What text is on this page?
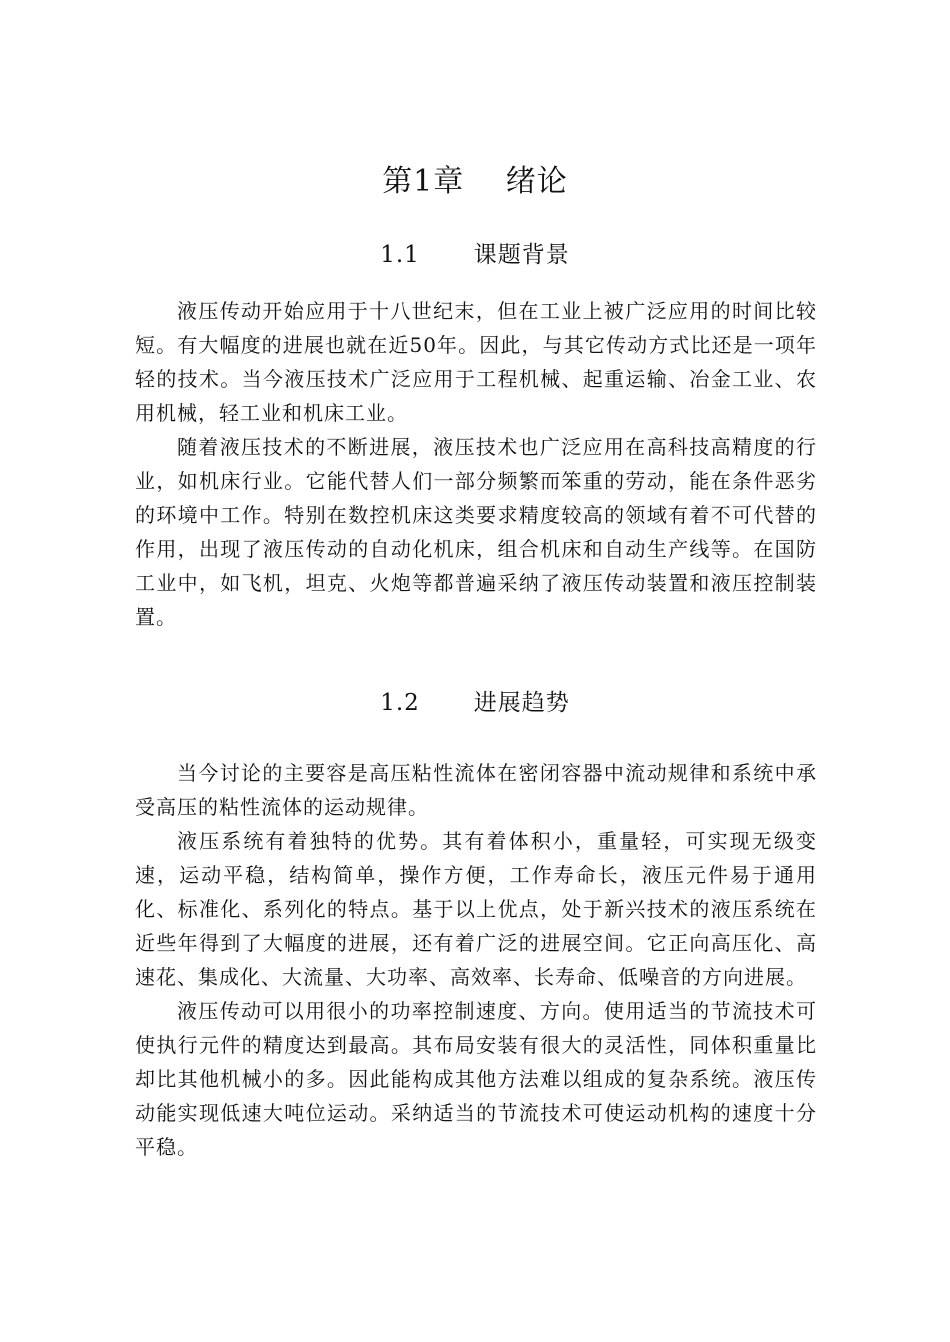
第1章　 绪论
1.1 课题背景

液压传动开始应用于十八世纪末，但在工业上被广泛应用的时间比较短。有大幅度的进展也就在近50年。因此，与其它传动方式比还是一项年轻的技术。当今液压技术广泛应用于工程机械、起重运输、冶金工业、农用机械，轻工业和机床工业。

随着液压技术的不断进展，液压技术也广泛应用在高科技高精度的行业，如机床行业。它能代替人们一部分频繁而笨重的劳动，能在条件恶劣的环境中工作。特别在数控机床这类要求精度较高的领域有着不可代替的作用，出现了液压传动的自动化机床，组合机床和自动生产线等。在国防工业中，如飞机，坦克、火炮等都普遍采纳了液压传动装置和液压控制装置。

1.2 进展趋势

当今讨论的主要容是高压粘性流体在密闭容器中流动规律和系统中承受高压的粘性流体的运动规律。

液压系统有着独特的优势。其有着体积小，重量轻，可实现无级变速，运动平稳，结构简单，操作方便，工作寿命长，液压元件易于通用化、标准化、系列化的特点。基于以上优点，处于新兴技术的液压系统在近些年得到了大幅度的进展，还有着广泛的进展空间。它正向高压化、高速花、集成化、大流量、大功率、高效率、长寿命、低噪音的方向进展。

液压传动可以用很小的功率控制速度、方向。使用适当的节流技术可使执行元件的精度达到最高。其布局安装有很大的灵活性，同体积重量比却比其他机械小的多。因此能构成其他方法难以组成的复杂系统。液压传动能实现低速大吨位运动。采纳适当的节流技术可使运动机构的速度十分平稳。
